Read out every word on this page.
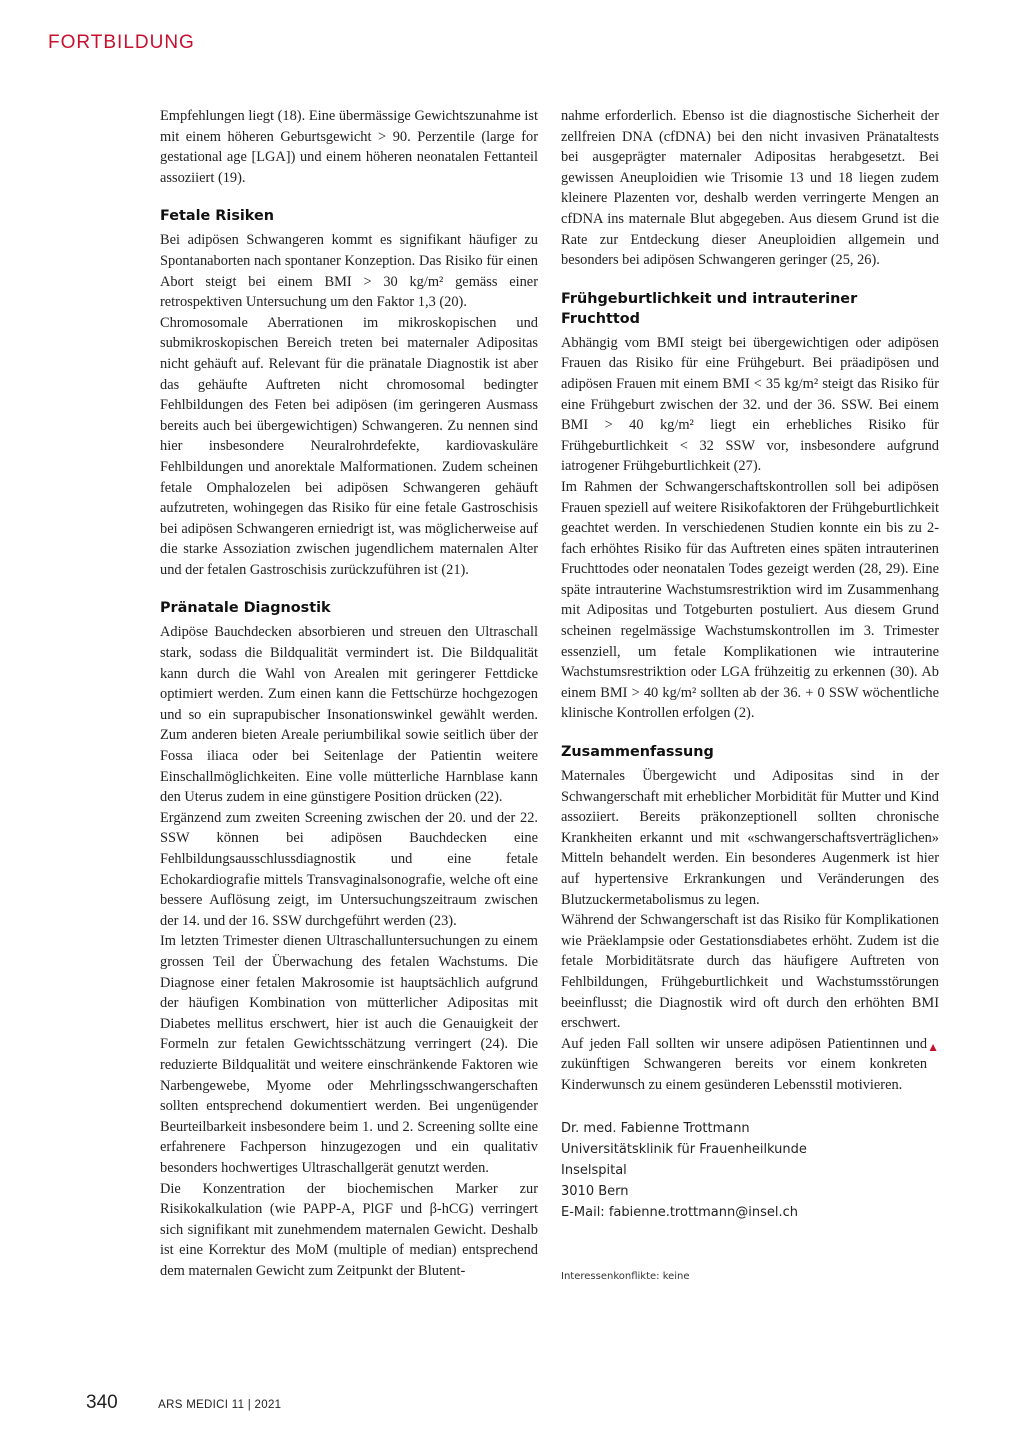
FORTBILDUNG

Empfehlungen liegt (18). Eine übermässige Gewichtszunahme ist mit einem höheren Geburtsgewicht > 90. Perzentile (large for gestational age [LGA]) und einem höheren neonatalen Fettanteil assoziiert (19).

Fetale Risiken

Bei adipösen Schwangeren kommt es signifikant häufiger zu Spontanaborten nach spontaner Konzeption. Das Risiko für einen Abort steigt bei einem BMI > 30 kg/m² gemäss einer retrospektiven Untersuchung um den Faktor 1,3 (20).

Chromosomale Aberrationen im mikroskopischen und submikroskopischen Bereich treten bei maternaler Adipositas nicht gehäuft auf. Relevant für die pränatale Diagnostik ist aber das gehäufte Auftreten nicht chromosomal bedingter Fehlbildungen des Feten bei adipösen (im geringeren Ausmass bereits auch bei übergewichtigen) Schwangeren. Zu nennen sind hier insbesondere Neuralrohrdefekte, kardiovaskuläre Fehlbildungen und anorektale Malformationen. Zudem scheinen fetale Omphalozelen bei adipösen Schwangeren gehäuft aufzutreten, wohingegen das Risiko für eine fetale Gastroschisis bei adipösen Schwangeren erniedrigt ist, was möglicherweise auf die starke Assoziation zwischen jugendlichem maternalen Alter und der fetalen Gastroschisis zurückzuführen ist (21).

Pränatale Diagnostik

Adipöse Bauchdecken absorbieren und streuen den Ultraschall stark, sodass die Bildqualität vermindert ist. Die Bildqualität kann durch die Wahl von Arealen mit geringerer Fettdicke optimiert werden. Zum einen kann die Fettschürze hochgezogen und so ein suprapubischer Insonationswinkel gewählt werden. Zum anderen bieten Areale periumbilikal sowie seitlich über der Fossa iliaca oder bei Seitenlage der Patientin weitere Einschallmöglichkeiten. Eine volle mütterliche Harnblase kann den Uterus zudem in eine günstigere Position drücken (22).

Ergänzend zum zweiten Screening zwischen der 20. und der 22. SSW können bei adipösen Bauchdecken eine Fehlbildungsausschlussdiagnostik und eine fetale Echokardiografie mittels Transvaginalsonografie, welche oft eine bessere Auflösung zeigt, im Untersuchungszeitraum zwischen der 14. und der 16. SSW durchgeführt werden (23).

Im letzten Trimester dienen Ultraschalluntersuchungen zu einem grossen Teil der Überwachung des fetalen Wachstums. Die Diagnose einer fetalen Makrosomie ist hauptsächlich aufgrund der häufigen Kombination von mütterlicher Adipositas mit Diabetes mellitus erschwert, hier ist auch die Genauigkeit der Formeln zur fetalen Gewichtsschätzung verringert (24). Die reduzierte Bildqualität und weitere einschränkende Faktoren wie Narbengewebe, Myome oder Mehrlingsschwangerschaften sollten entsprechend dokumentiert werden. Bei ungenügender Beurteilbarkeit insbesondere beim 1. und 2. Screening sollte eine erfahrenere Fachperson hinzugezogen und ein qualitativ besonders hochwertiges Ultraschallgerät genutzt werden.

Die Konzentration der biochemischen Marker zur Risikokalkulation (wie PAPP-A, PlGF und β-hCG) verringert sich signifikant mit zunehmendem maternalen Gewicht. Deshalb ist eine Korrektur des MoM (multiple of median) entsprechend dem maternalen Gewicht zum Zeitpunkt der Blutent-

nahme erforderlich. Ebenso ist die diagnostische Sicherheit der zellfreien DNA (cfDNA) bei den nicht invasiven Pränataltests bei ausgeprägter maternaler Adipositas herabgesetzt. Bei gewissen Aneuploidien wie Trisomie 13 und 18 liegen zudem kleinere Plazenten vor, deshalb werden verringerte Mengen an cfDNA ins maternale Blut abgegeben. Aus diesem Grund ist die Rate zur Entdeckung dieser Aneuploidien allgemein und besonders bei adipösen Schwangeren geringer (25, 26).

Frühgeburtlichkeit und intrauteriner Fruchttod

Abhängig vom BMI steigt bei übergewichtigen oder adipösen Frauen das Risiko für eine Frühgeburt. Bei präadipösen und adipösen Frauen mit einem BMI < 35 kg/m² steigt das Risiko für eine Frühgeburt zwischen der 32. und der 36. SSW. Bei einem BMI > 40 kg/m² liegt ein erhebliches Risiko für Frühgeburtlichkeit < 32 SSW vor, insbesondere aufgrund iatrogener Frühgeburtlichkeit (27).

Im Rahmen der Schwangerschaftskontrollen soll bei adipösen Frauen speziell auf weitere Risikofaktoren der Frühgeburtlichkeit geachtet werden. In verschiedenen Studien konnte ein bis zu 2-fach erhöhtes Risiko für das Auftreten eines späten intrauterinen Fruchttodes oder neonatalen Todes gezeigt werden (28, 29). Eine späte intrauterine Wachstumsrestriktion wird im Zusammenhang mit Adipositas und Totgeburten postuliert. Aus diesem Grund scheinen regelmässige Wachstumskontrollen im 3. Trimester essenziell, um fetale Komplikationen wie intrauterine Wachstumsrestriktion oder LGA frühzeitig zu erkennen (30). Ab einem BMI > 40 kg/m² sollten ab der 36. + 0 SSW wöchentliche klinische Kontrollen erfolgen (2).

Zusammenfassung

Maternales Übergewicht und Adipositas sind in der Schwangerschaft mit erheblicher Morbidität für Mutter und Kind assoziiert. Bereits präkonzeptionell sollten chronische Krankheiten erkannt und mit «schwangerschaftsverträglichen» Mitteln behandelt werden. Ein besonderes Augenmerk ist hier auf hypertensive Erkrankungen und Veränderungen des Blutzuckermetabolismus zu legen.

Während der Schwangerschaft ist das Risiko für Komplikationen wie Präeklampsie oder Gestationsdiabetes erhöht. Zudem ist die fetale Morbiditätsrate durch das häufigere Auftreten von Fehlbildungen, Frühgeburtlichkeit und Wachstumsstörungen beeinflusst; die Diagnostik wird oft durch den erhöhten BMI erschwert.

▲
Auf jeden Fall sollten wir unsere adipösen Patientinnen und zukünftigen Schwangeren bereits vor einem konkreten Kinderwunsch zu einem gesünderen Lebensstil motivieren.

Dr. med. Fabienne Trottmann
Universitätsklinik für Frauenheilkunde
Inselspital
3010 Bern
E-Mail: fabienne.trottmann@insel.ch
Interessenkonflikte: keine
340	ARS MEDICI 11 | 2021
